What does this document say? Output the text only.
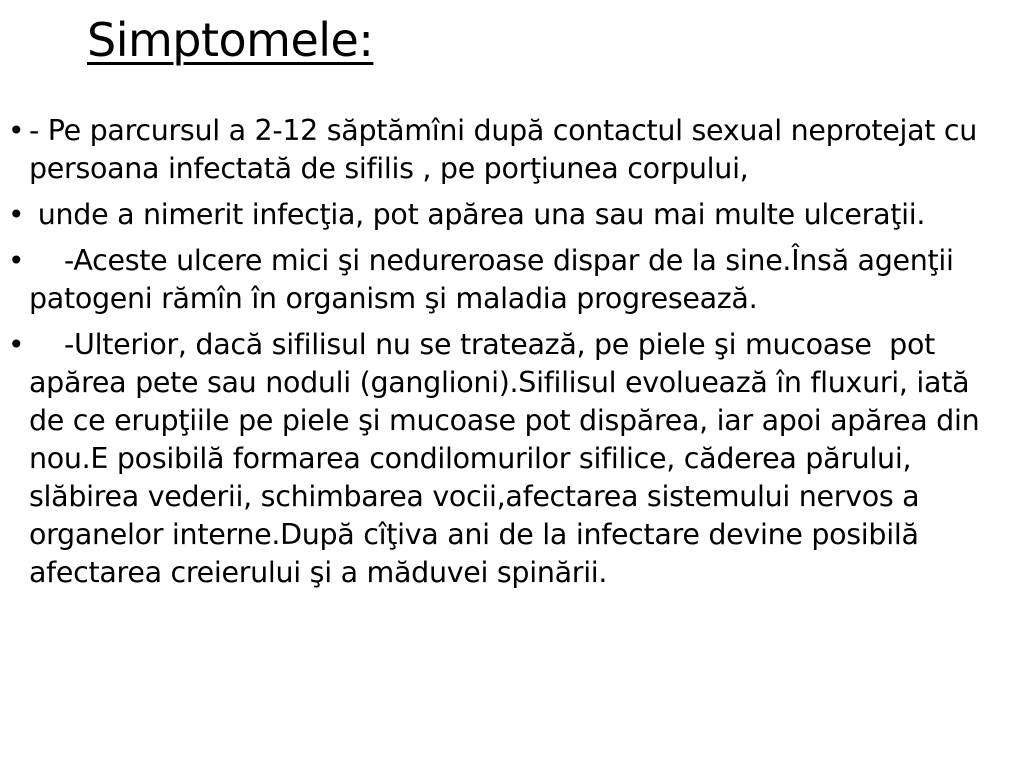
Simptomele:
• - Pe parcursul a 2-12 săptămîni după contactul sexual neprotejat cu persoana infectată de sifilis , pe porţiunea corpului,
• unde a nimerit infecţia, pot apărea una sau mai multe ulceraţii.
• -Aceste ulcere mici şi nedureroase dispar de la sine.Însă agenţii patogeni rămîn în organism şi maladia progresează.
• -Ulterior, dacă sifilisul nu se tratează, pe piele şi mucoase  pot apărea pete sau noduli (ganglioni).Sifilisul evoluează în fluxuri, iată de ce erupţiile pe piele şi mucoase pot dispărea, iar apoi apărea din nou.E posibilă formarea condilomurilor sifilice, căderea părului, slăbirea vederii, schimbarea vocii,afectarea sistemului nervos a organelor interne.După cîţiva ani de la infectare devine posibilă afectarea creierului şi a măduvei spinării.
